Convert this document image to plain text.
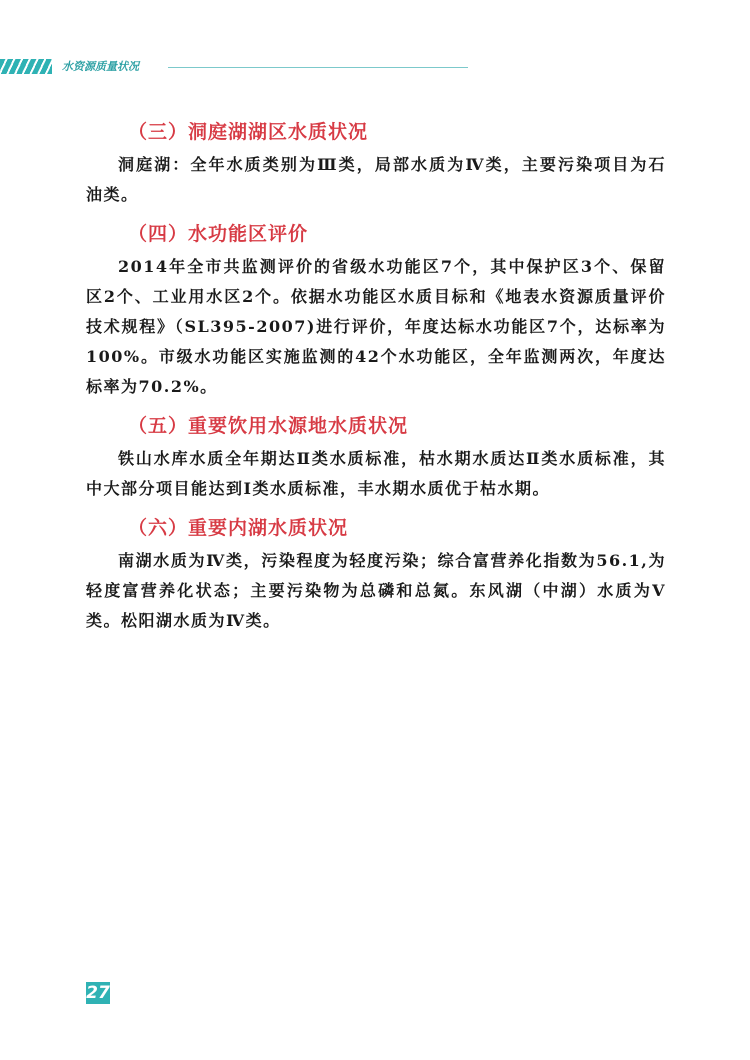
水资源质量状况
（三）洞庭湖湖区水质状况

洞庭湖：全年水质类别为Ⅲ类，局部水质为Ⅳ类，主要污染项目为石油类。

（四）水功能区评价

2014年全市共监测评价的省级水功能区7个，其中保护区3个、保留区2个、工业用水区2个。依据水功能区水质目标和《地表水资源质量评价技术规程》（SL395-2007)进行评价，年度达标水功能区7个，达标率为100%。市级水功能区实施监测的42个水功能区，全年监测两次，年度达标率为70.2%。

（五）重要饮用水源地水质状况

铁山水库水质全年期达Ⅱ类水质标准，枯水期水质达Ⅱ类水质标准，其中大部分项目能达到Ⅰ类水质标准，丰水期水质优于枯水期。

（六）重要内湖水质状况

南湖水质为Ⅳ类，污染程度为轻度污染；综合富营养化指数为56.1,为轻度富营养化状态；主要污染物为总磷和总氮。东风湖（中湖）水质为Ⅴ类。松阳湖水质为Ⅳ类。

27
